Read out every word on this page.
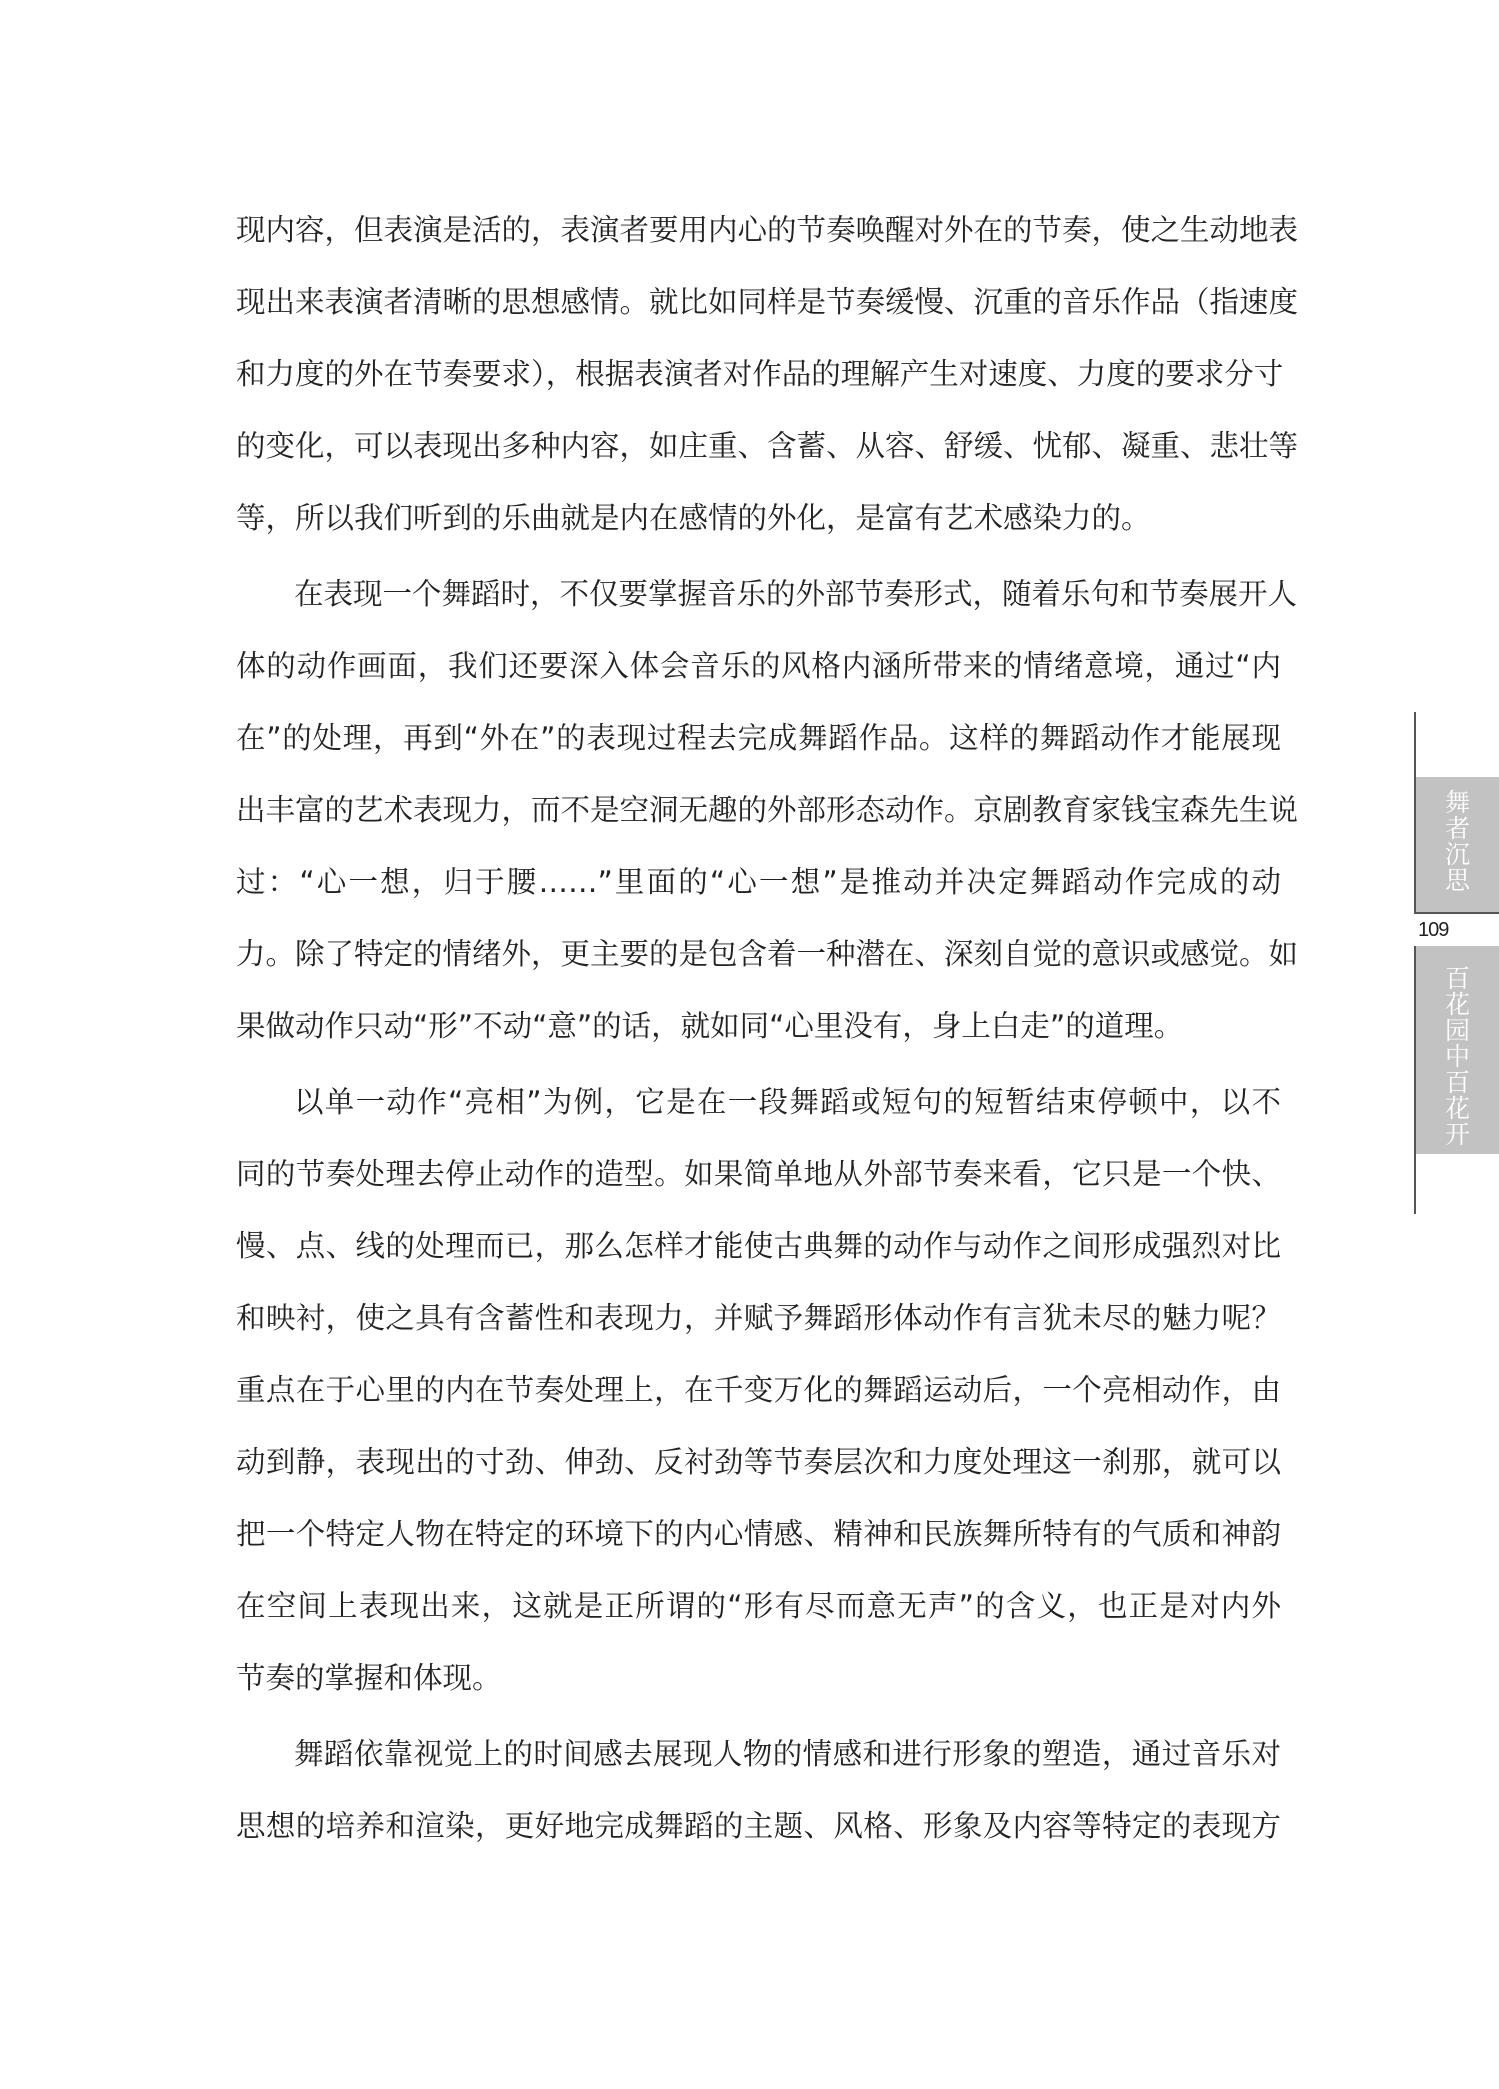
现内容，但表演是活的，表演者要用内心的节奏唤醒对外在的节奏，使之生动地表
现出来表演者清晰的思想感情。就比如同样是节奏缓慢、沉重的音乐作品（指速度
和力度的外在节奏要求），根据表演者对作品的理解产生对速度、力度的要求分寸
的变化，可以表现出多种内容，如庄重、含蓄、从容、舒缓、忧郁、凝重、悲壮等
等，所以我们听到的乐曲就是内在感情的外化，是富有艺术感染力的。
在表现一个舞蹈时，不仅要掌握音乐的外部节奏形式，随着乐句和节奏展开人
体的动作画面，我们还要深入体会音乐的风格内涵所带来的情绪意境，通过“内
在”的处理，再到“外在”的表现过程去完成舞蹈作品。这样的舞蹈动作才能展现
出丰富的艺术表现力，而不是空洞无趣的外部形态动作。京剧教育家钱宝森先生说
过：“心一想，归于腰……”里面的“心一想”是推动并决定舞蹈动作完成的动
力。除了特定的情绪外，更主要的是包含着一种潜在、深刻自觉的意识或感觉。如
果做动作只动“形”不动“意”的话，就如同“心里没有，身上白走”的道理。
以单一动作“亮相”为例，它是在一段舞蹈或短句的短暂结束停顿中，以不
同的节奏处理去停止动作的造型。如果简单地从外部节奏来看，它只是一个快、
慢、点、线的处理而已，那么怎样才能使古典舞的动作与动作之间形成强烈对比
和映衬，使之具有含蓄性和表现力，并赋予舞蹈形体动作有言犹未尽的魅力呢？
重点在于心里的内在节奏处理上，在千变万化的舞蹈运动后，一个亮相动作，由
动到静，表现出的寸劲、伸劲、反衬劲等节奏层次和力度处理这一刹那，就可以
把一个特定人物在特定的环境下的内心情感、精神和民族舞所特有的气质和神韵
在空间上表现出来，这就是正所谓的“形有尽而意无声”的含义，也正是对内外
节奏的掌握和体现。
舞蹈依靠视觉上的时间感去展现人物的情感和进行形象的塑造，通过音乐对
思想的培养和渲染，更好地完成舞蹈的主题、风格、形象及内容等特定的表现方
舞者沉思
109
百花园中百花开
